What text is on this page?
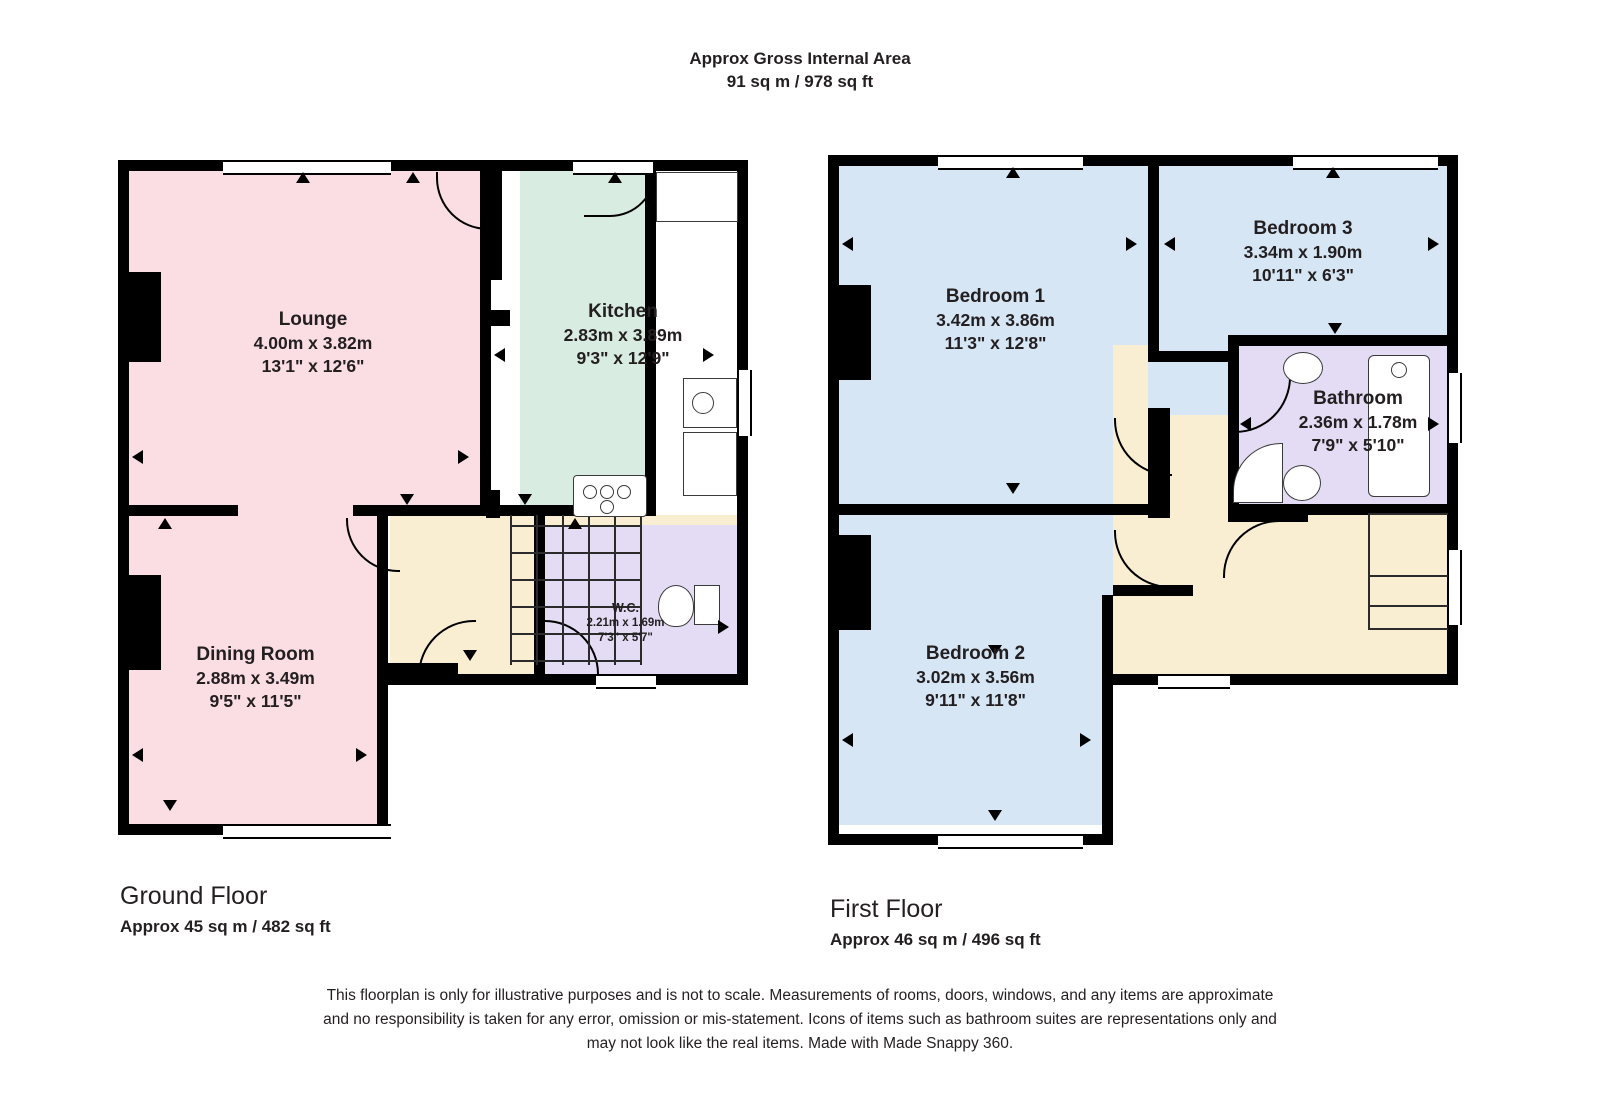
Approx Gross Internal Area
91 sq m / 978 sq ft
Lounge
4.00m x 3.82m
13'1" x 12'6"
Kitchen
2.83m x 3.89m
9'3" x 12'9"
Dining Room
2.88m x 3.49m
9'5" x 11'5"
W.C.
2.21m x 1.69m
7'3" x 5'7"
Bedroom 1
3.42m x 3.86m
11'3" x 12'8"
Bedroom 3
3.34m x 1.90m
10'11" x 6'3"
Bathroom
2.36m x 1.78m
7'9" x 5'10"
Bedroom 2
3.02m x 3.56m
9'11" x 11'8"
Ground Floor
Approx 45 sq m / 482 sq ft
First Floor
Approx 46 sq m / 496 sq ft
This floorplan is only for illustrative purposes and is not to scale. Measurements of rooms, doors, windows, and any items are approximate
and no responsibility is taken for any error, omission or mis-statement. Icons of items such as bathroom suites are representations only and
may not look like the real items. Made with Made Snappy 360.
